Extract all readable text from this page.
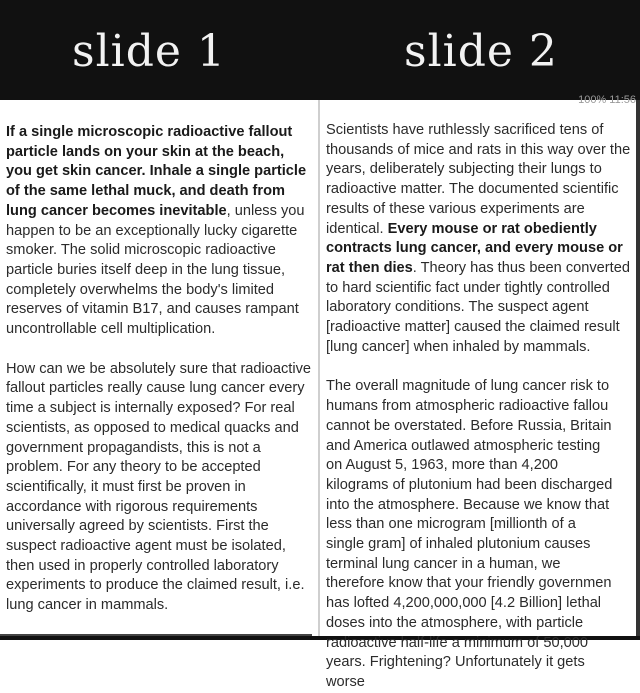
slide 1	slide 2
100% 11:56

If a single microscopic radioactive fallout particle lands on your skin at the beach, you get skin cancer. Inhale a single particle of the same lethal muck, and death from lung cancer becomes inevitable, unless you happen to be an exceptionally lucky cigarette smoker. The solid microscopic radioactive particle buries itself deep in the lung tissue, completely overwhelms the body's limited reserves of vitamin B17, and causes rampant uncontrollable cell multiplication.

How can we be absolutely sure that radioactive fallout particles really cause lung cancer every time a subject is internally exposed? For real scientists, as opposed to medical quacks and government propagandists, this is not a problem. For any theory to be accepted scientifically, it must first be proven in accordance with rigorous requirements universally agreed by scientists. First the suspect radioactive agent must be isolated, then used in properly controlled laboratory experiments to produce the claimed result, i.e. lung cancer in mammals.

Scientists have ruthlessly sacrificed tens of thousands of mice and rats in this way over the years, deliberately subjecting their lungs to radioactive matter. The documented scientific results of these various experiments are identical. Every mouse or rat obediently contracts lung cancer, and every mouse or rat then dies. Theory has thus been converted to hard scientific fact under tightly controlled laboratory conditions. The suspect agent [radioactive matter] caused the claimed result [lung cancer] when inhaled by mammals.

The overall magnitude of lung cancer risk to
humans from atmospheric radioactive fallou
cannot be overstated. Before Russia, Britain
and America outlawed atmospheric testing
on August 5, 1963, more than 4,200
kilograms of plutonium had been discharged
into the atmosphere. Because we know that
less than one microgram [millionth of a
single gram] of inhaled plutonium causes
terminal lung cancer in a human, we
therefore know that your friendly governmen
has lofted 4,200,000,000 [4.2 Billion] lethal
doses into the atmosphere, with particle
radioactive half-life a minimum of 50,000
years. Frightening? Unfortunately it gets
worse
